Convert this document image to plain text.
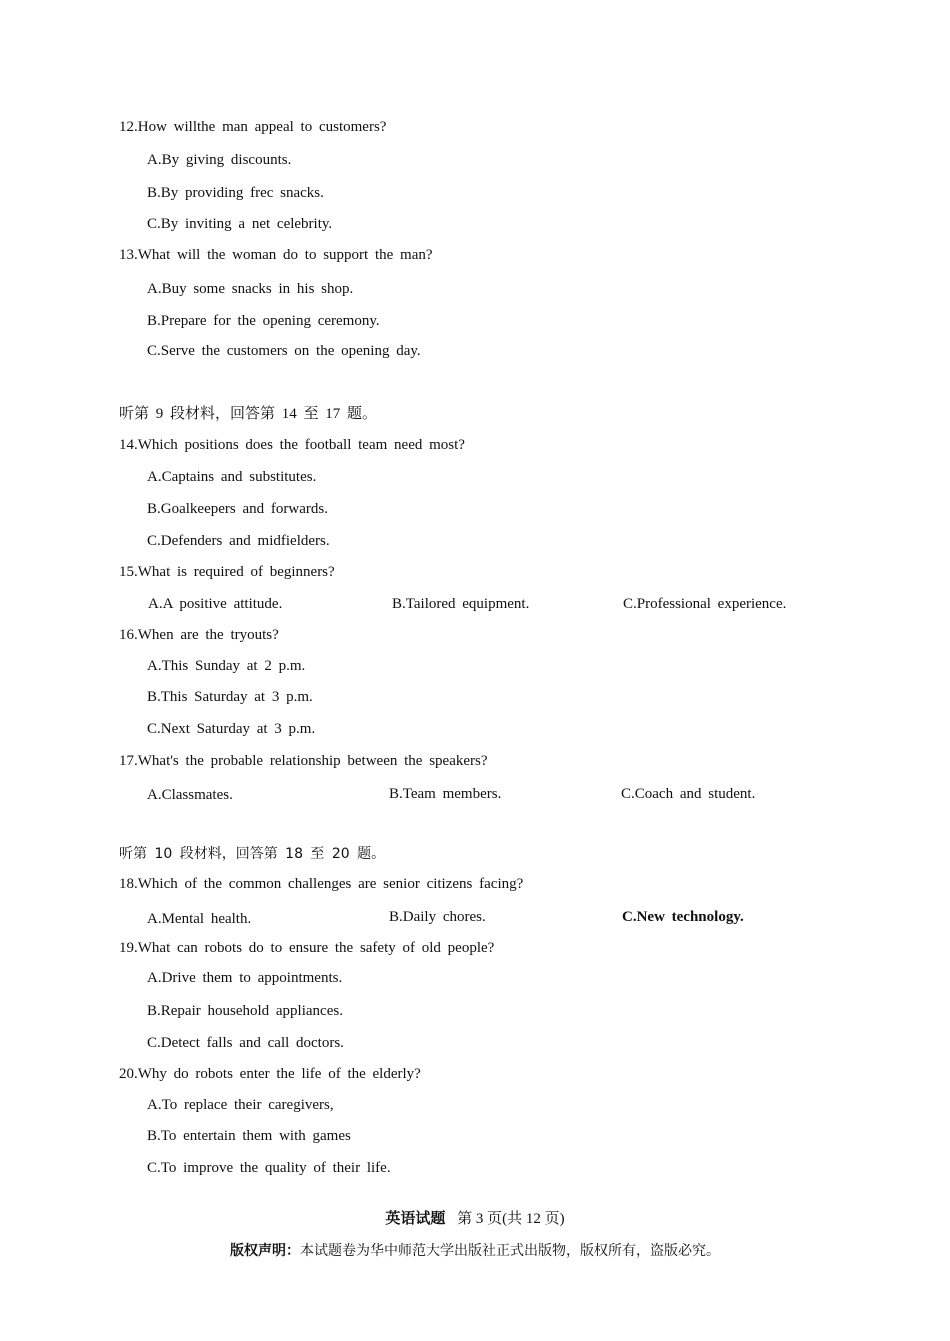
12.How willthe man appeal to customers?
A.By giving discounts.
B.By providing frec snacks.
C.By inviting a net celebrity.
13.What will the woman do to support the man?
A.Buy some snacks in his shop.
B.Prepare for the opening ceremony.
C.Serve the customers on the opening day.
听第 9 段材料，回答第 14 至 17 题。
14.Which positions does the football team need most?
A.Captains and substitutes.
B.Goalkeepers and forwards.
C.Defenders and midfielders.
15.What is required of beginners?
A.A positive attitude.	B.Tailored equipment.	C.Professional experience.
16.When are the tryouts?
A.This Sunday at 2 p.m.
B.This Saturday at 3 p.m.
C.Next Saturday at 3 p.m.
17.What's the probable relationship between the speakers?
A.Classmates.	B.Team members.	C.Coach and student.
听第 10 段材料，回答第 18 至 20 题。
18.Which of the common challenges are senior citizens facing?
A.Mental health.	B.Daily chores.	C.New technology.
19.What can robots do to ensure the safety of old people?
A.Drive them to appointments.
B.Repair household appliances.
C.Detect falls and call doctors.
20.Why do robots enter the life of the elderly?
A.To replace their caregivers,
B.To entertain them with games
C.To improve the quality of their life.
英语试题 第 3 页(共 12 页)
版权声明：本试题卷为华中师范大学出版社正式出版物，版权所有，盗版必究。
